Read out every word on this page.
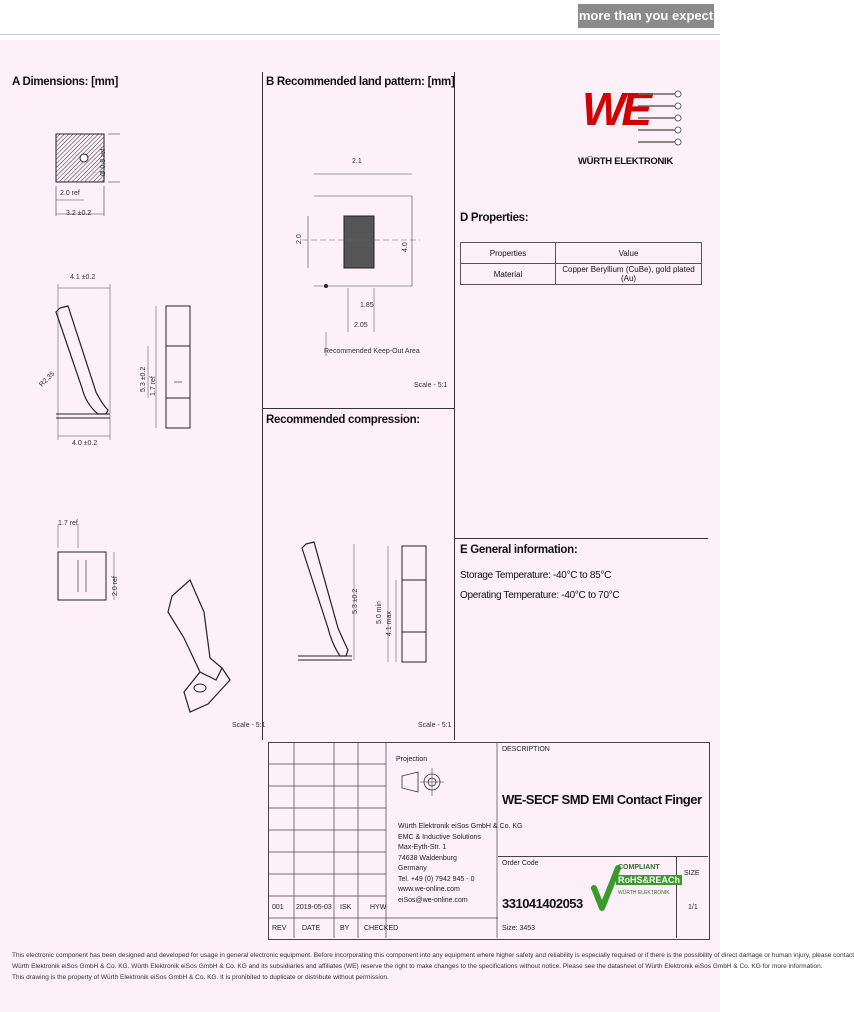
more than you expect
A Dimensions: [mm]
2.0 ref
3.2 ±0.2
Ø 0.8 ref
4.1 ±0.2
4.0 ±0.2
R2.35	5.3 ±0.2 1.7 ref
1.7 ref
2.0 ref
Scale - 5:1
B Recommended land pattern: [mm]
2.1
2.0
4.0
1.85
2.05
Recommended Keep-Out Area
Scale - 5:1
Recommended compression:
5.3 ±0.2 5.0 min 4.1 max
Scale - 5:1
WE
WÜRTH ELEKTRONIK
D Properties:
Properties	Value
Material	Copper Beryllium (CuBe), gold plated (Au)
E General information:
Storage Temperature: -40°C to 85°C
Operating Temperature: -40°C to 70°C
Projection
Würth Elektronik eiSos GmbH & Co. KG
EMC & Inductive Solutions
Max-Eyth-Str. 1
74638 Waldenburg
Germany
Tel. +49 (0) 7942 945 - 0
www.we-online.com
eiSos@we-online.com
001 2019-05-03 ISK	HYW
REV DATE	BY CHECKED
DESCRIPTION
WE-SECF SMD EMI Contact Finger
Order Code
331041402053
SIZE
1/1
Size: 3453
COMPLIANT
RoHS&REACh
WÜRTH ELEKTRONIK
This electronic component has been designed and developed for usage in general electronic equipment. Before incorporating this component into any equipment where higher safety and reliability is especially required or if there is the possibility of direct damage or human injury, please contact
Würth Elektronik eiSos GmbH & Co. KG. Würth Elektronik eiSos GmbH & Co. KG and its subsidiaries and affiliates (WE) reserve the right to make changes to the specifications without notice. Please see the datasheet of Würth Elektronik eiSos GmbH & Co. KG for more information.
This drawing is the property of Würth Elektronik eiSos GmbH & Co. KG. It is prohibited to duplicate or distribute without permission.
